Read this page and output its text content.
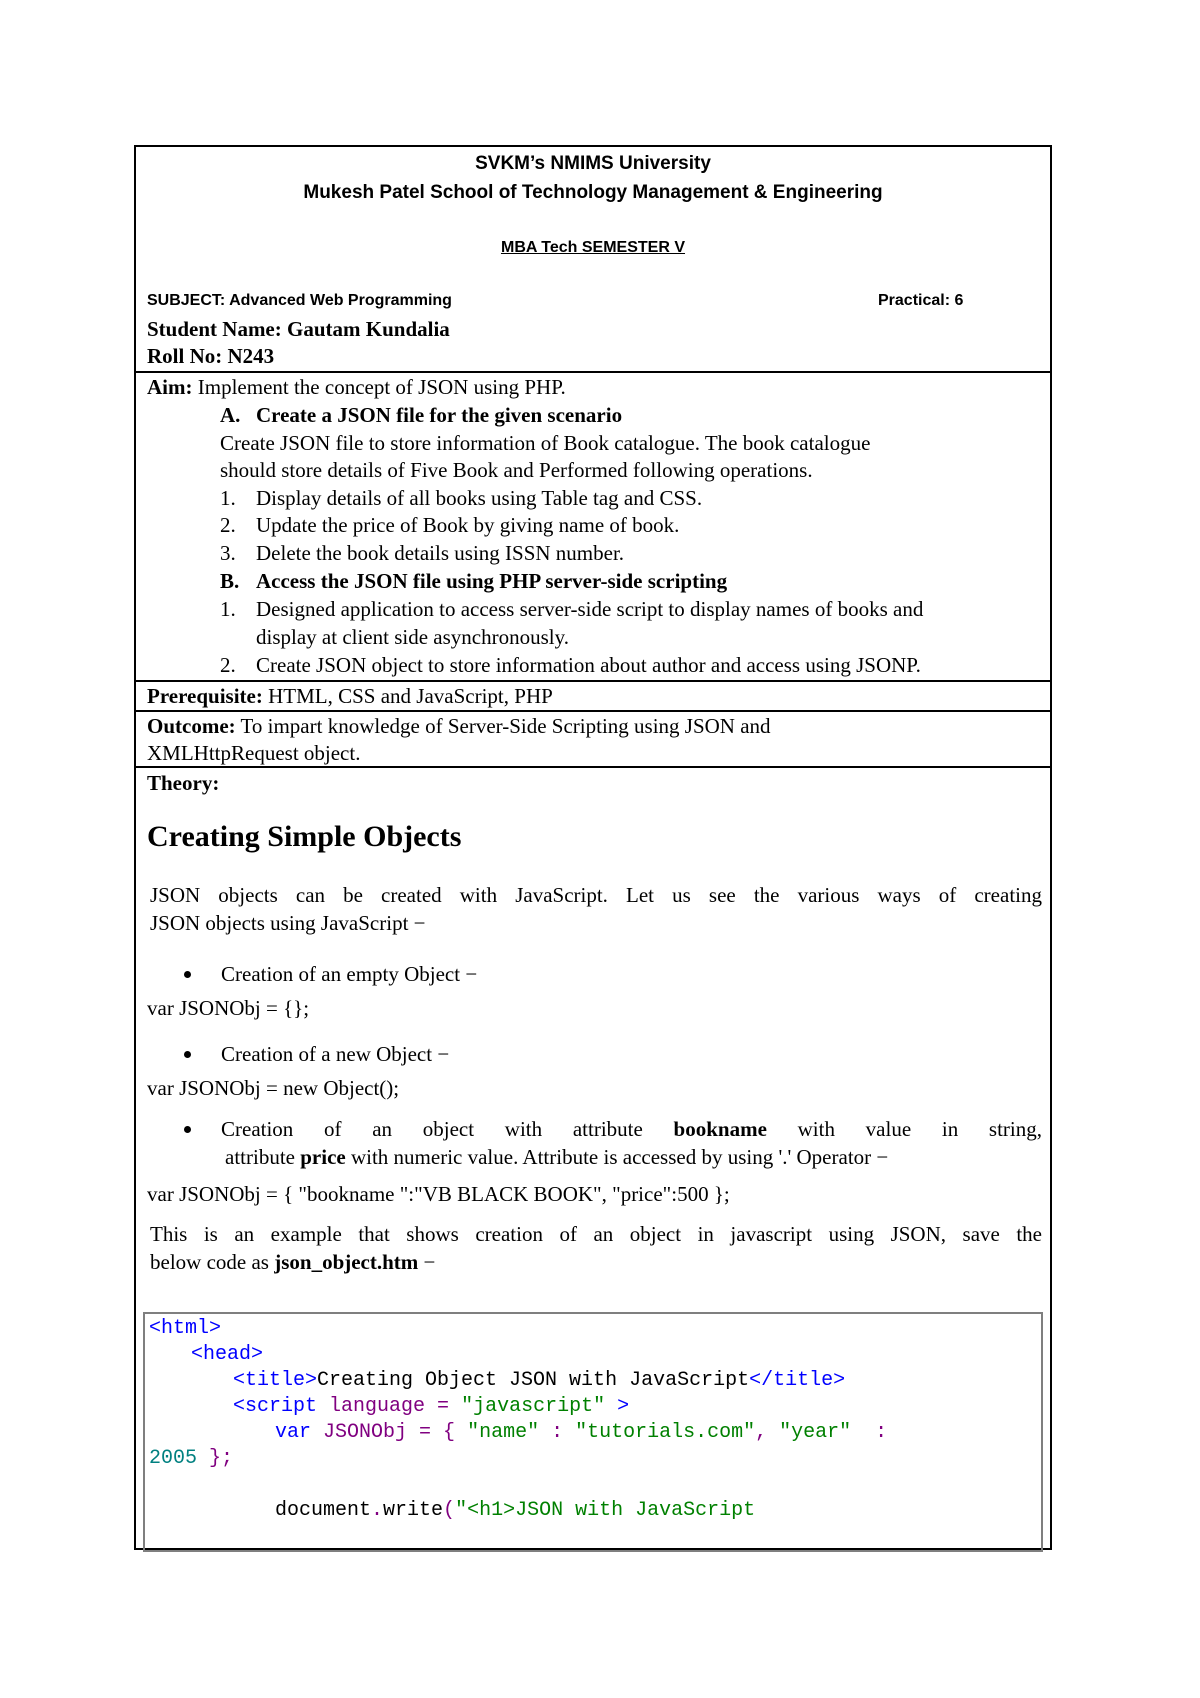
SVKM’s NMIMS University
Mukesh Patel School of Technology Management & Engineering
MBA Tech SEMESTER V
SUBJECT: Advanced Web Programming	Practical: 6
Student Name: Gautam Kundalia
Roll No: N243
Aim: Implement the concept of JSON using PHP.
A. Create a JSON file for the given scenario
Create JSON file to store information of Book catalogue. The book catalogue
should store details of Five Book and Performed following operations.
1. Display details of all books using Table tag and CSS.
2. Update the price of Book by giving name of book.
3. Delete the book details using ISSN number.
B. Access the JSON file using PHP server-side scripting
1. Designed application to access server-side script to display names of books and
display at client side asynchronously.
2. Create JSON object to store information about author and access using JSONP.
Prerequisite: HTML, CSS and JavaScript, PHP
Outcome: To impart knowledge of Server-Side Scripting using JSON and
XMLHttpRequest object.
Theory:
Creating Simple Objects
JSON objects can be created with JavaScript. Let us see the various ways of creating
JSON objects using JavaScript −
Creation of an empty Object −
var JSONObj = {};
Creation of a new Object −
var JSONObj = new Object();
Creation of an object with attribute bookname with value in string,
attribute price with numeric value. Attribute is accessed by using '.' Operator −
var JSONObj = { "bookname ":"VB BLACK BOOK", "price":500 };
This is an example that shows creation of an object in javascript using JSON, save the
below code as json_object.htm −
<html>
<head>
<title>Creating Object JSON with JavaScript</title>
<script language = "javascript" >
var JSONObj = { "name" : "tutorials.com", "year"  :
2005 };
document.write("<h1>JSON with JavaScript
